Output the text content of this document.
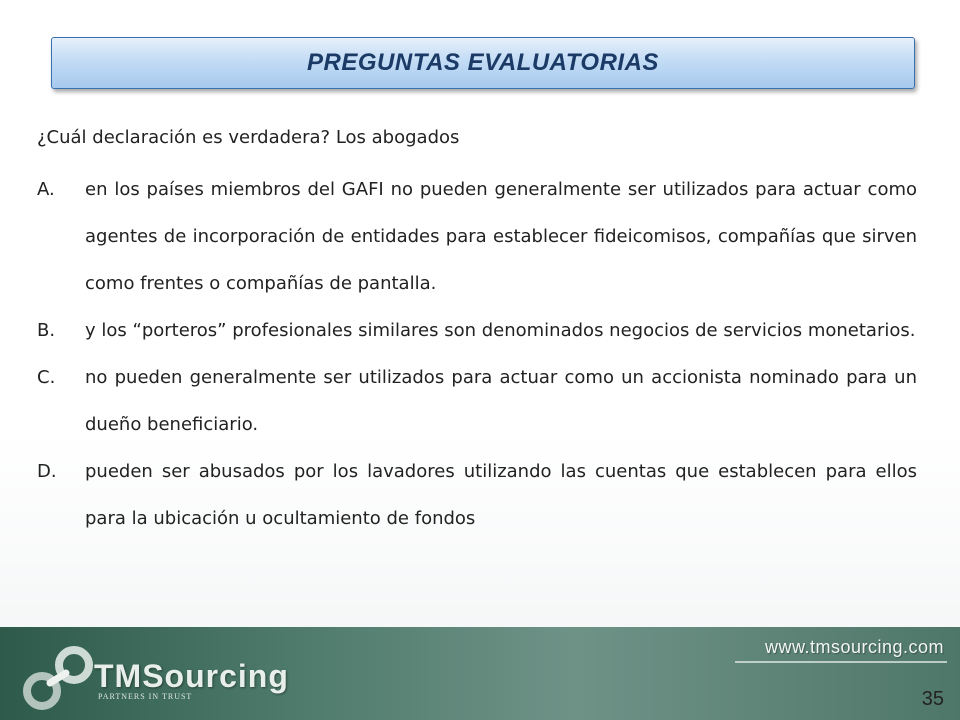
PREGUNTAS EVALUATORIAS
¿Cuál declaración es verdadera? Los abogados
A.	en los países miembros del GAFI no pueden generalmente ser utilizados para actuar como agentes de incorporación de entidades para establecer fideicomisos, compañías que sirven como frentes o compañías de pantalla.
B.	y los “porteros” profesionales similares son denominados negocios de servicios monetarios.
C.	no pueden generalmente ser utilizados para actuar como un accionista nominado para un dueño beneficiario.
D.	pueden ser abusados por los lavadores utilizando las cuentas que establecen para ellos para la ubicación u ocultamiento de fondos
TMSourcing
PARTNERS IN TRUST
www.tmsourcing.com
35
